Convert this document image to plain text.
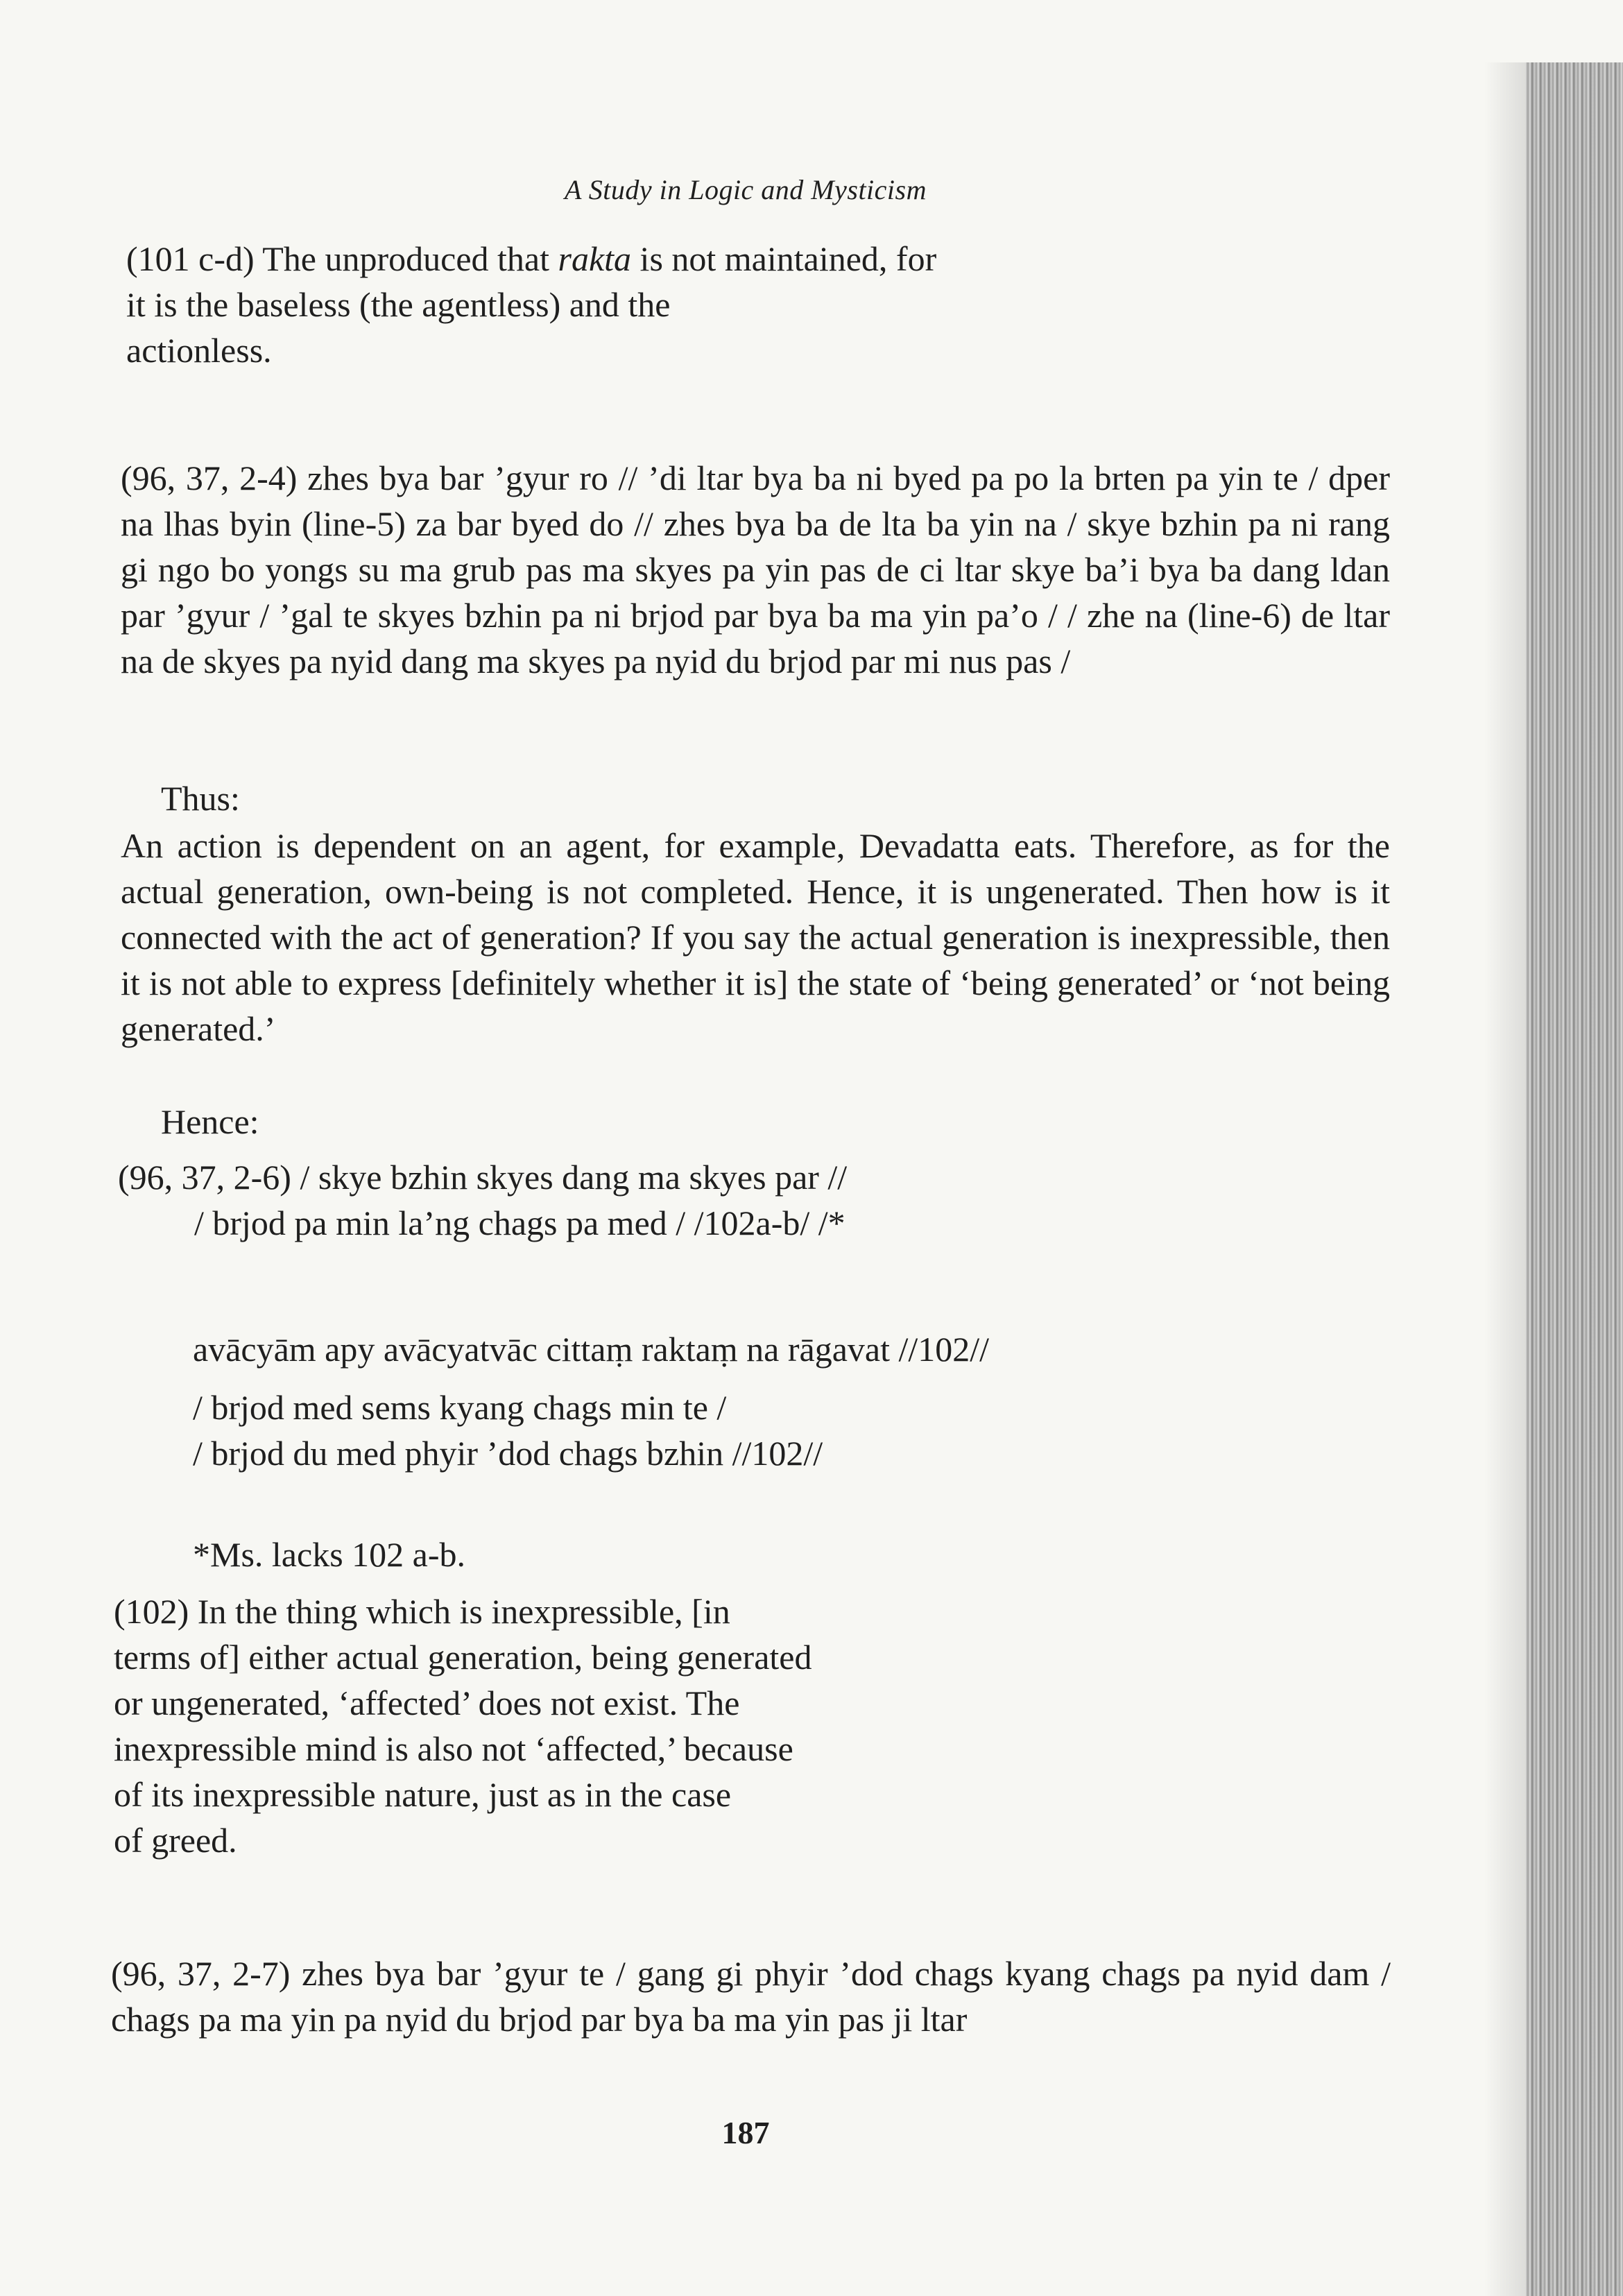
A Study in Logic and Mysticism

(101 c-d) The unproduced that rakta is not maintained, for

it is the baseless (the agentless) and the

actionless.

(96, 37, 2-4) zhes bya bar ’gyur ro // ’di ltar bya ba ni byed pa po la brten pa yin te / dper na lhas byin (line-5) za bar byed do // zhes bya ba de lta ba yin na / skye bzhin pa ni rang gi ngo bo yongs su ma grub pas ma skyes pa yin pas de ci ltar skye ba’i bya ba dang ldan par ’gyur / ’gal te skyes bzhin pa ni brjod par bya ba ma yin pa’o / / zhe na (line-6) de ltar na de skyes pa nyid dang ma skyes pa nyid du brjod par mi nus pas /

Thus:

An action is dependent on an agent, for example, Devadatta eats. Therefore, as for the actual generation, own-being is not completed. Hence, it is ungenerated. Then how is it connected with the act of generation? If you say the actual generation is inexpressible, then it is not able to express [definitely whether it is] the state of ‘being generated’ or ‘not being generated.’

Hence:

(96, 37, 2-6) / skye bzhin skyes dang ma skyes par //

/ brjod pa min la’ng chags pa med / /102a-b/ /*

avācyām apy avācyatvāc cittaṃ raktaṃ na rāgavat //102//

/ brjod med sems kyang chags min te /

/ brjod du med phyir ’dod chags bzhin //102//

*Ms. lacks 102 a-b.

(102) In the thing which is inexpressible, [in

terms of] either actual generation, being generated

or ungenerated, ‘affected’ does not exist. The

inexpressible mind is also not ‘affected,’ because

of its inexpressible nature, just as in the case

of greed.

(96, 37, 2-7) zhes bya bar ’gyur te / gang gi phyir ’dod chags kyang chags pa nyid dam / chags pa ma yin pa nyid du brjod par bya ba ma yin pas ji ltar

187
